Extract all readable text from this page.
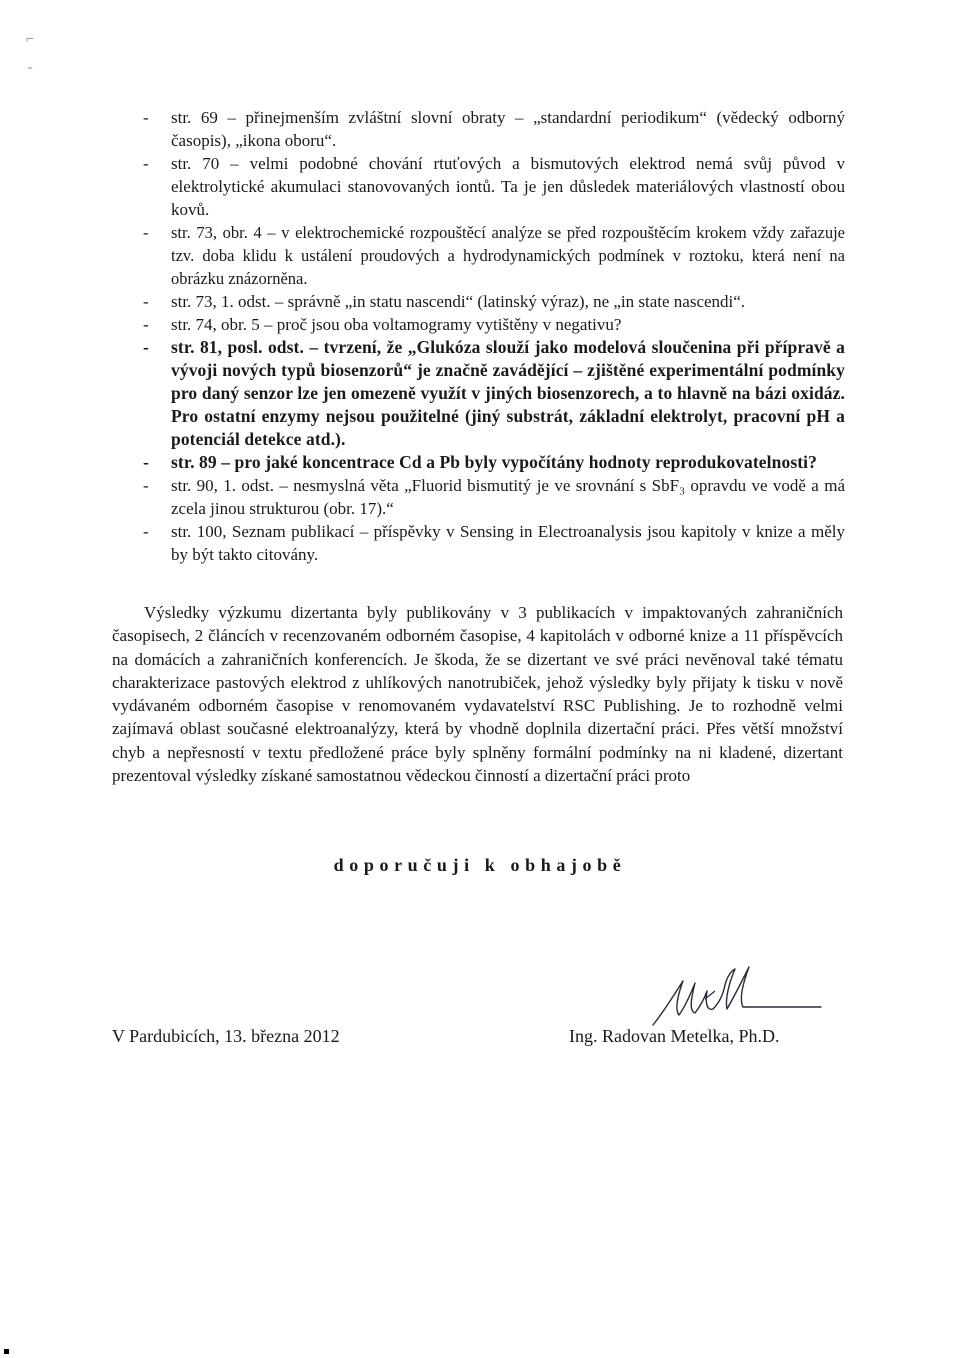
⌐
ˇ
- str. 69 – přinejmenším zvláštní slovní obraty – „standardní periodikum“ (vědecký odborný časopis), „ikona oboru“.
- str. 70 – velmi podobné chování rtuťových a bismutových elektrod nemá svůj původ v elektrolytické akumulaci stanovovaných iontů. Ta je jen důsledek materiálových vlastností obou kovů.
- str. 73, obr. 4 – v elektrochemické rozpouštěcí analýze se před rozpouštěcím krokem vždy zařazuje tzv. doba klidu k ustálení proudových a hydrodynamických podmínek v roztoku, která není na obrázku znázorněna.
- str. 73, 1. odst. – správně „in statu nascendi“ (latinský výraz), ne „in state nascendi“.
- str. 74, obr. 5 – proč jsou oba voltamogramy vytištěny v negativu?
- str. 81, posl. odst. – tvrzení, že „Glukóza slouží jako modelová sloučenina při přípravě a vývoji nových typů biosenzorů“ je značně zavádějící – zjištěné experimentální podmínky pro daný senzor lze jen omezeně využít v jiných biosenzorech, a to hlavně na bázi oxidáz. Pro ostatní enzymy nejsou použitelné (jiný substrát, základní elektrolyt, pracovní pH a potenciál detekce atd.).
- str. 89 – pro jaké koncentrace Cd a Pb byly vypočítány hodnoty reprodukovatelnosti?
- str. 90, 1. odst. – nesmyslná věta „Fluorid bismutitý je ve srovnání s SbF₃ opravdu ve vodě a má zcela jinou strukturou (obr. 17).“
- str. 100, Seznam publikací – příspěvky v Sensing in Electroanalysis jsou kapitoly v knize a měly by být takto citovány.

Výsledky výzkumu dizertanta byly publikovány v 3 publikacích v impaktovaných zahraničních časopisech, 2 článcích v recenzovaném odborném časopise, 4 kapitolách v odborné knize a 11 příspěvcích na domácích a zahraničních konferencích. Je škoda, že se dizertant ve své práci nevěnoval také tématu charakterizace pastových elektrod z uhlíkových nanotrubiček, jehož výsledky byly přijaty k tisku v nově vydávaném odborném časopise v renomovaném vydavatelství RSC Publishing. Je to rozhodně velmi zajímavá oblast současné elektroanalýzy, která by vhodně doplnila dizertační práci. Přes větší množství chyb a nepřesností v textu předložené práce byly splněny formální podmínky na ni kladené, dizertant prezentoval výsledky získané samostatnou vědeckou činností a dizertační práci proto

doporučuji k obhajobě
V Pardubicích, 13. března 2012	Ing. Radovan Metelka, Ph.D.
